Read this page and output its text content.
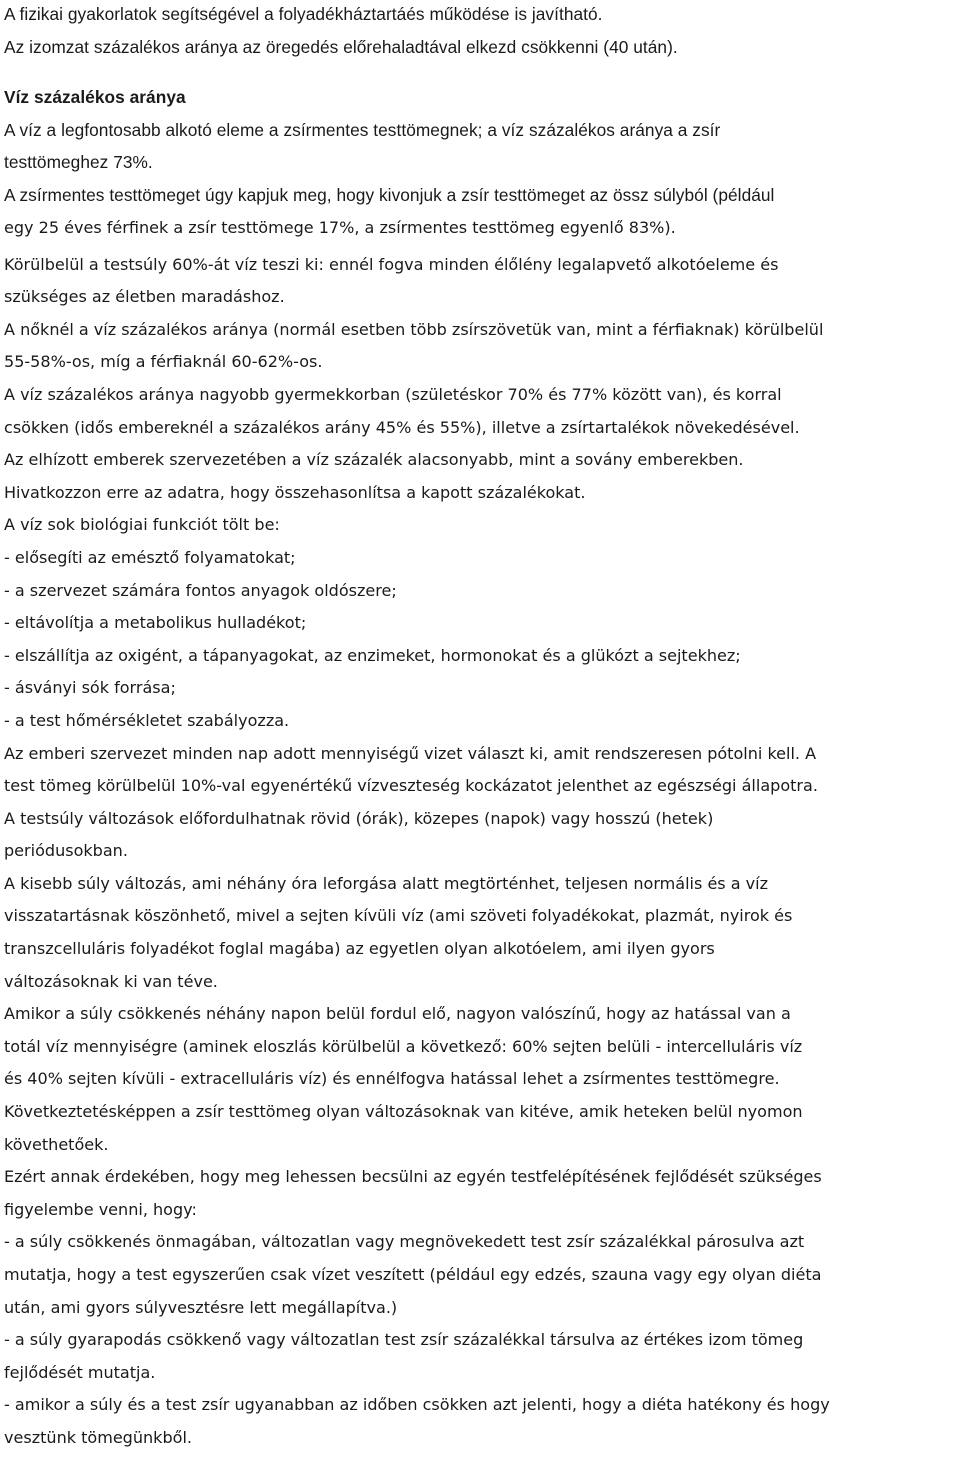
A fizikai gyakorlatok segítségével a folyadékháztartáés működése is javítható.
Az izomzat százalékos aránya az öregedés előrehaladtával elkezd csökkenni (40 után).
Víz százalékos aránya
A víz a legfontosabb alkotó eleme a zsírmentes testtömegnek; a víz százalékos aránya a zsír
testtömeghez 73%.
A zsírmentes testtömeget úgy kapjuk meg, hogy kivonjuk a zsír testtömeget az össz súlyból (például
egy 25 éves férfinek a zsír testtömege 17%, a zsírmentes testtömeg egyenlő 83%).
Körülbelül a testsúly 60%-át víz teszi ki: ennél fogva minden élőlény legalapvető alkotóeleme és
szükséges az életben maradáshoz.
A nőknél a víz százalékos aránya (normál esetben több zsírszövetük van, mint a férfiaknak) körülbelül
55-58%-os, míg a férfiaknál 60-62%-os.
A víz százalékos aránya nagyobb gyermekkorban (születéskor 70% és 77% között van), és korral
csökken (idős embereknél a százalékos arány 45% és 55%), illetve a zsírtartalékok növekedésével.
Az elhízott emberek szervezetében a víz százalék alacsonyabb, mint a sovány emberekben.
Hivatkozzon erre az adatra, hogy összehasonlítsa a kapott százalékokat.
A víz sok biológiai funkciót tölt be:
- elősegíti az emésztő folyamatokat;
- a szervezet számára fontos anyagok oldószere;
- eltávolítja a metabolikus hulladékot;
- elszállítja az oxigént, a tápanyagokat, az enzimeket, hormonokat és a glükózt a sejtekhez;
- ásványi sók forrása;
- a test hőmérsékletet szabályozza.
Az emberi szervezet minden nap adott mennyiségű vizet választ ki, amit rendszeresen pótolni kell. A
test tömeg körülbelül 10%-val egyenértékű vízveszteség kockázatot jelenthet az egészségi állapotra.
A testsúly változások előfordulhatnak rövid (órák), közepes (napok) vagy hosszú (hetek)
periódusokban.
A kisebb súly változás, ami néhány óra leforgása alatt megtörténhet, teljesen normális és a víz
visszatartásnak köszönhető, mivel a sejten kívüli víz (ami szöveti folyadékokat, plazmát, nyirok és
transzcelluláris folyadékot foglal magába) az egyetlen olyan alkotóelem, ami ilyen gyors
változásoknak ki van téve.
Amikor a súly csökkenés néhány napon belül fordul elő, nagyon valószínű, hogy az hatással van a
totál víz mennyiségre (aminek eloszlás körülbelül a következő: 60% sejten belüli - intercelluláris víz
és 40% sejten kívüli - extracelluláris víz) és ennélfogva hatással lehet a zsírmentes testtömegre.
Következtetésképpen a zsír testtömeg olyan változásoknak van kitéve, amik heteken belül nyomon
követhetőek.
Ezért annak érdekében, hogy meg lehessen becsülni az egyén testfelépítésének fejlődését szükséges
figyelembe venni, hogy:
- a súly csökkenés önmagában, változatlan vagy megnövekedett test zsír százalékkal párosulva azt
mutatja, hogy a test egyszerűen csak vízet veszített (például egy edzés, szauna vagy egy olyan diéta
után, ami gyors súlyvesztésre lett megállapítva.)
- a súly gyarapodás csökkenő vagy változatlan test zsír százalékkal társulva az értékes izom tömeg
fejlődését mutatja.
- amikor a súly és a test zsír ugyanabban az időben csökken azt jelenti, hogy a diéta hatékony és hogy
vesztünk tömegünkből.
